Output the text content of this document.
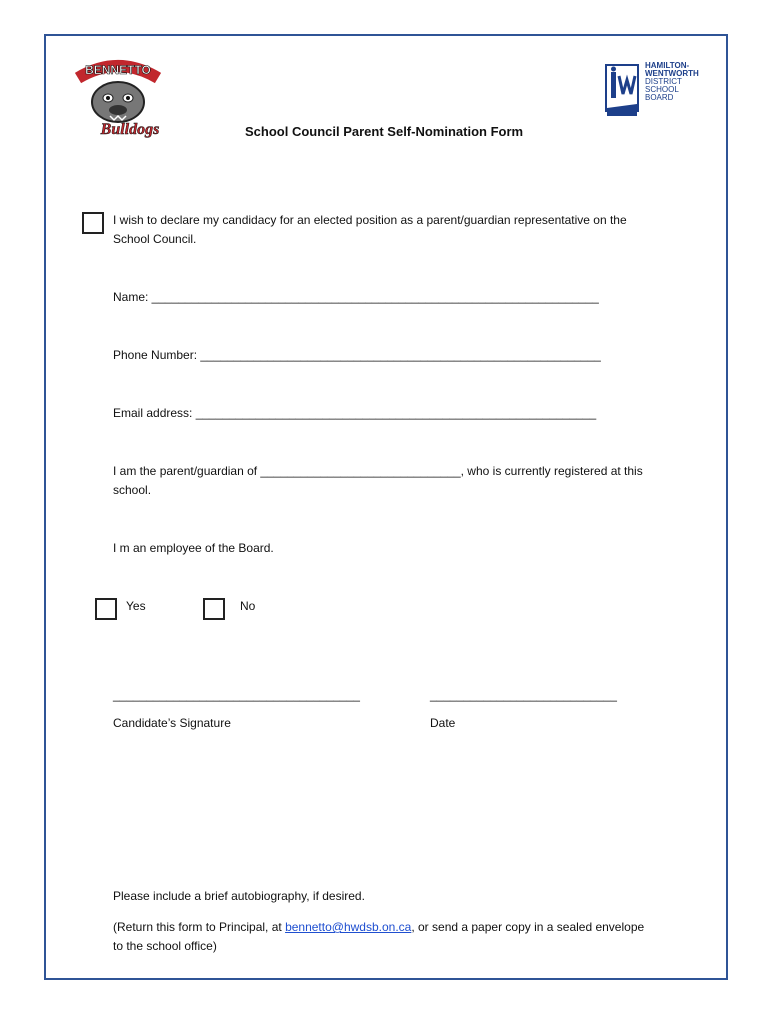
BENNETTO
Bulldogs
HAMILTON-
WENTWORTH
DISTRICT
SCHOOL
BOARD
School Council Parent Self-Nomination Form
I wish to declare my candidacy for an elected position as a parent/guardian representative on the
School Council.
Name: ___________________________________________________________________
Phone Number: ____________________________________________________________
Email address: ____________________________________________________________
I am the parent/guardian of ______________________________, who is currently registered at this
school.
I m an employee of the Board.
Yes	No
_____________________________________	____________________________
Candidate’s Signature	Date
Please include a brief autobiography, if desired.
(Return this form to Principal, at bennetto@hwdsb.on.ca, or send a paper copy in a sealed envelope
to the school office)
